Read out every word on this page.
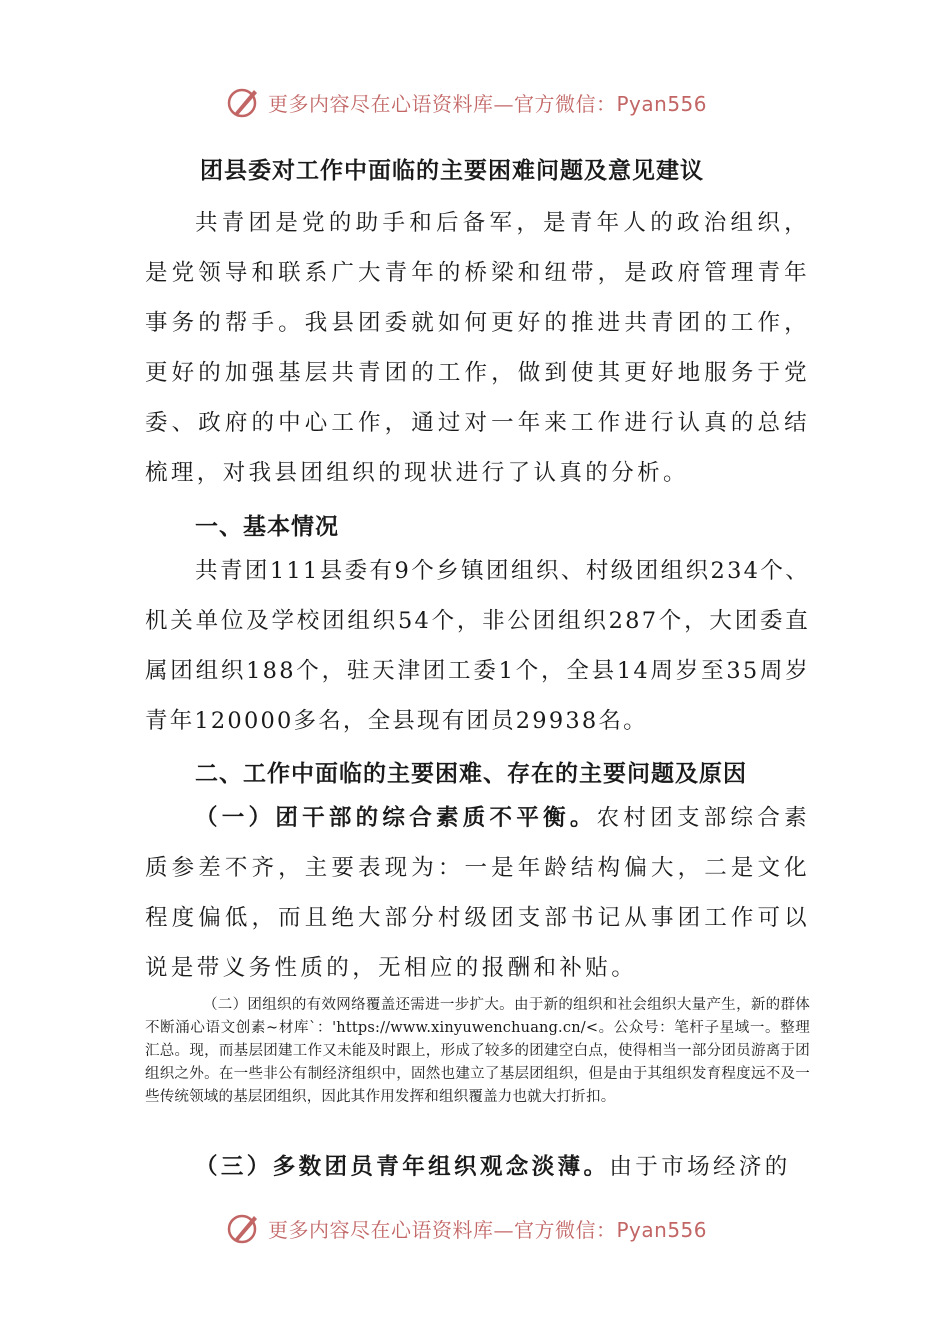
更多内容尽在心语资料库—官方微信：Pyan556
团县委对工作中面临的主要困难问题及意见建议

共青团是党的助手和后备军，是青年人的政治组织，是党领导和联系广大青年的桥梁和纽带，是政府管理青年事务的帮手。我县团委就如何更好的推进共青团的工作，更好的加强基层共青团的工作，做到使其更好地服务于党委、政府的中心工作，通过对一年来工作进行认真的总结梳理，对我县团组织的现状进行了认真的分析。

一、基本情况

共青团111县委有9个乡镇团组织、村级团组织234个、机关单位及学校团组织54个，非公团组织287个，大团委直属团组织188个，驻天津团工委1个，全县14周岁至35周岁青年120000多名，全县现有团员29938名。

二、工作中面临的主要困难、存在的主要问题及原因

（一）团干部的综合素质不平衡。农村团支部综合素质参差不齐，主要表现为：一是年龄结构偏大，二是文化程度偏低，而且绝大部分村级团支部书记从事团工作可以说是带义务性质的，无相应的报酬和补贴。

（二）团组织的有效网络覆盖还需进一步扩大。由于新的组织和社会组织大量产生，新的群体不断涌心语文创素~材库`：'https://www.xinyuwenchuang.cn/<。公众号：笔杆子星域一。整理汇总。现，而基层团建工作又未能及时跟上，形成了较多的团建空白点，使得相当一部分团员游离于团组织之外。在一些非公有制经济组织中，固然也建立了基层团组织，但是由于其组织发育程度远不及一些传统领域的基层团组织，因此其作用发挥和组织覆盖力也就大打折扣。

（三）多数团员青年组织观念淡薄。由于市场经济的

更多内容尽在心语资料库—官方微信：Pyan556
